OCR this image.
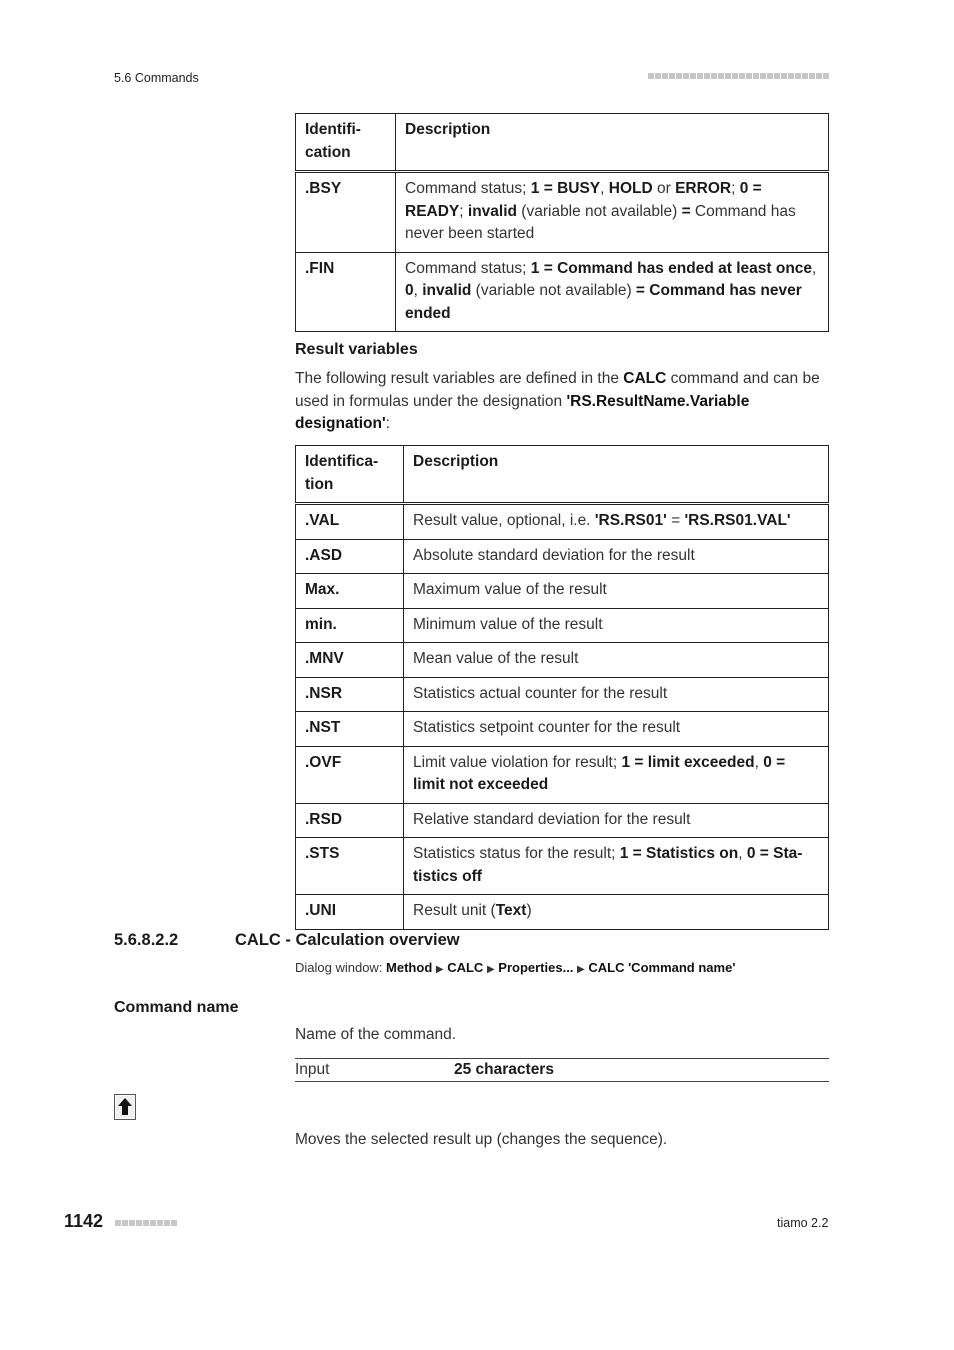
5.6 Commands
Identifi-
cation	Description
.BSY	Command status; 1 = BUSY, HOLD or ERROR; 0 = READY; invalid (variable not available) = Command has never been started
.FIN	Command status; 1 = Command has ended at least once, 0, invalid (variable not available) = Command has never ended
Result variables
The following result variables are defined in the CALC command and can be used in formulas under the designation 'RS.ResultName.Variable designation':
Identifica-
tion	Description
.VAL	Result value, optional, i.e. 'RS.RS01' = 'RS.RS01.VAL'
.ASD	Absolute standard deviation for the result
Max.	Maximum value of the result
min.	Minimum value of the result
.MNV	Mean value of the result
.NSR	Statistics actual counter for the result
.NST	Statistics setpoint counter for the result
.OVF	Limit value violation for result; 1 = limit exceeded, 0 = limit not exceeded
.RSD	Relative standard deviation for the result
.STS	Statistics status for the result; 1 = Statistics on, 0 = Sta-tistics off
.UNI	Result unit (Text)
5.6.8.2.2	CALC - Calculation overview
Dialog window: Method ▶ CALC ▶ Properties... ▶ CALC 'Command name'
Command name
Name of the command.
Input	25 characters
Moves the selected result up (changes the sequence).
1142	tiamo 2.2
